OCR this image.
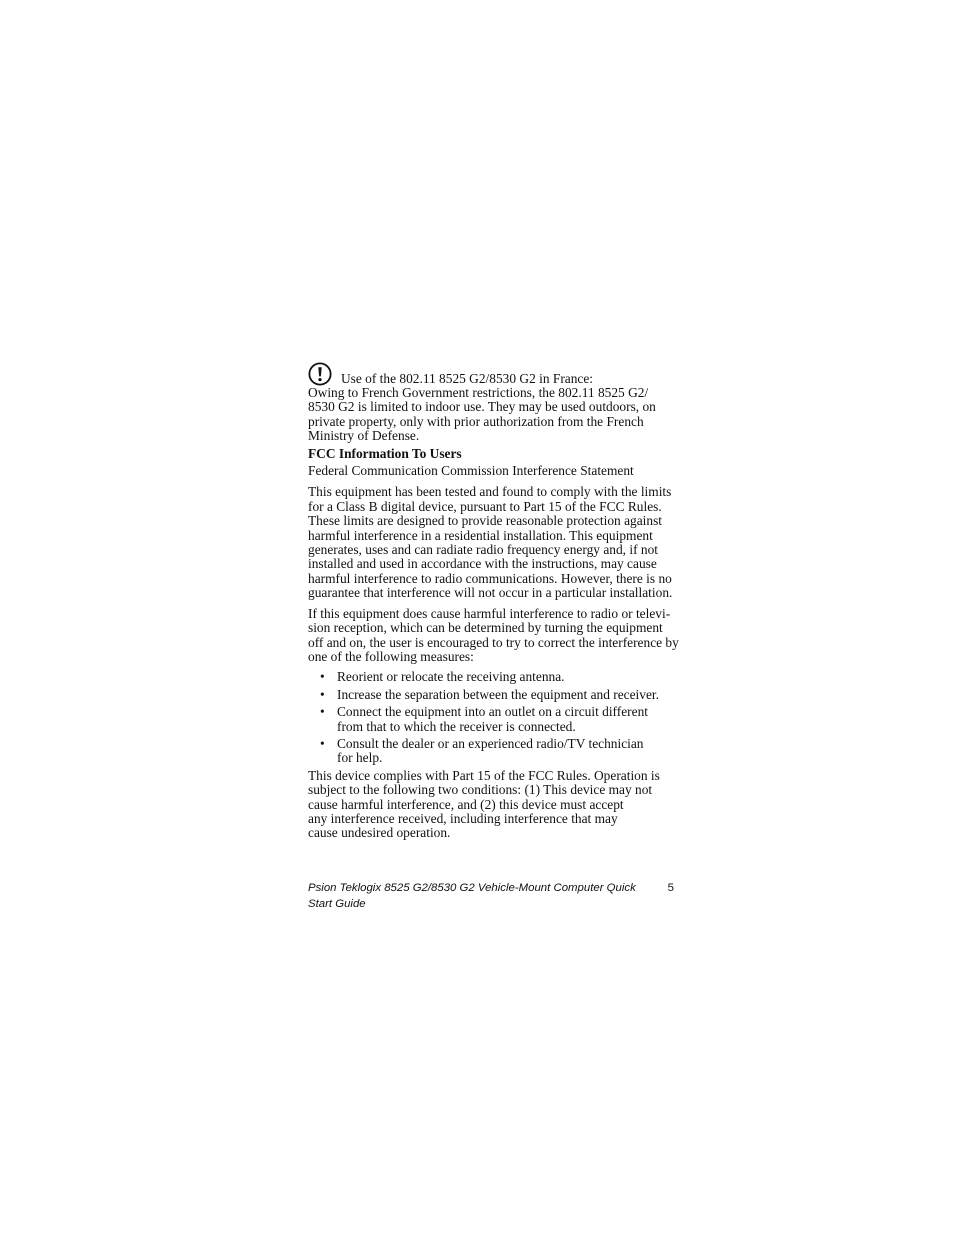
Use of the 802.11 8525 G2/8530 G2 in France:

Owing to French Government restrictions, the 802.11 8525 G2/
8530 G2 is limited to indoor use. They may be used outdoors, on
private property, only with prior authorization from the French
Ministry of Defense.

FCC Information To Users

Federal Communication Commission Interference Statement

This equipment has been tested and found to comply with the limits
for a Class B digital device, pursuant to Part 15 of the FCC Rules.
These limits are designed to provide reasonable protection against
harmful interference in a residential installation. This equipment
generates, uses and can radiate radio frequency energy and, if not
installed and used in accordance with the instructions, may cause
harmful interference to radio communications. However, there is no
guarantee that interference will not occur in a particular installation.

If this equipment does cause harmful interference to radio or televi-
sion reception, which can be determined by turning the equipment
off and on, the user is encouraged to try to correct the interference by
one of the following measures:

• Reorient or relocate the receiving antenna.
• Increase the separation between the equipment and receiver.
• Connect the equipment into an outlet on a circuit different
from that to which the receiver is connected.
• Consult the dealer or an experienced radio/TV technician
for help.

This device complies with Part 15 of the FCC Rules. Operation is
subject to the following two conditions: (1) This device may not
cause harmful interference, and (2) this device must accept
any interference received, including interference that may
cause undesired operation.

Psion Teklogix 8525 G2/8530 G2 Vehicle-Mount Computer Quick Start Guide
5
